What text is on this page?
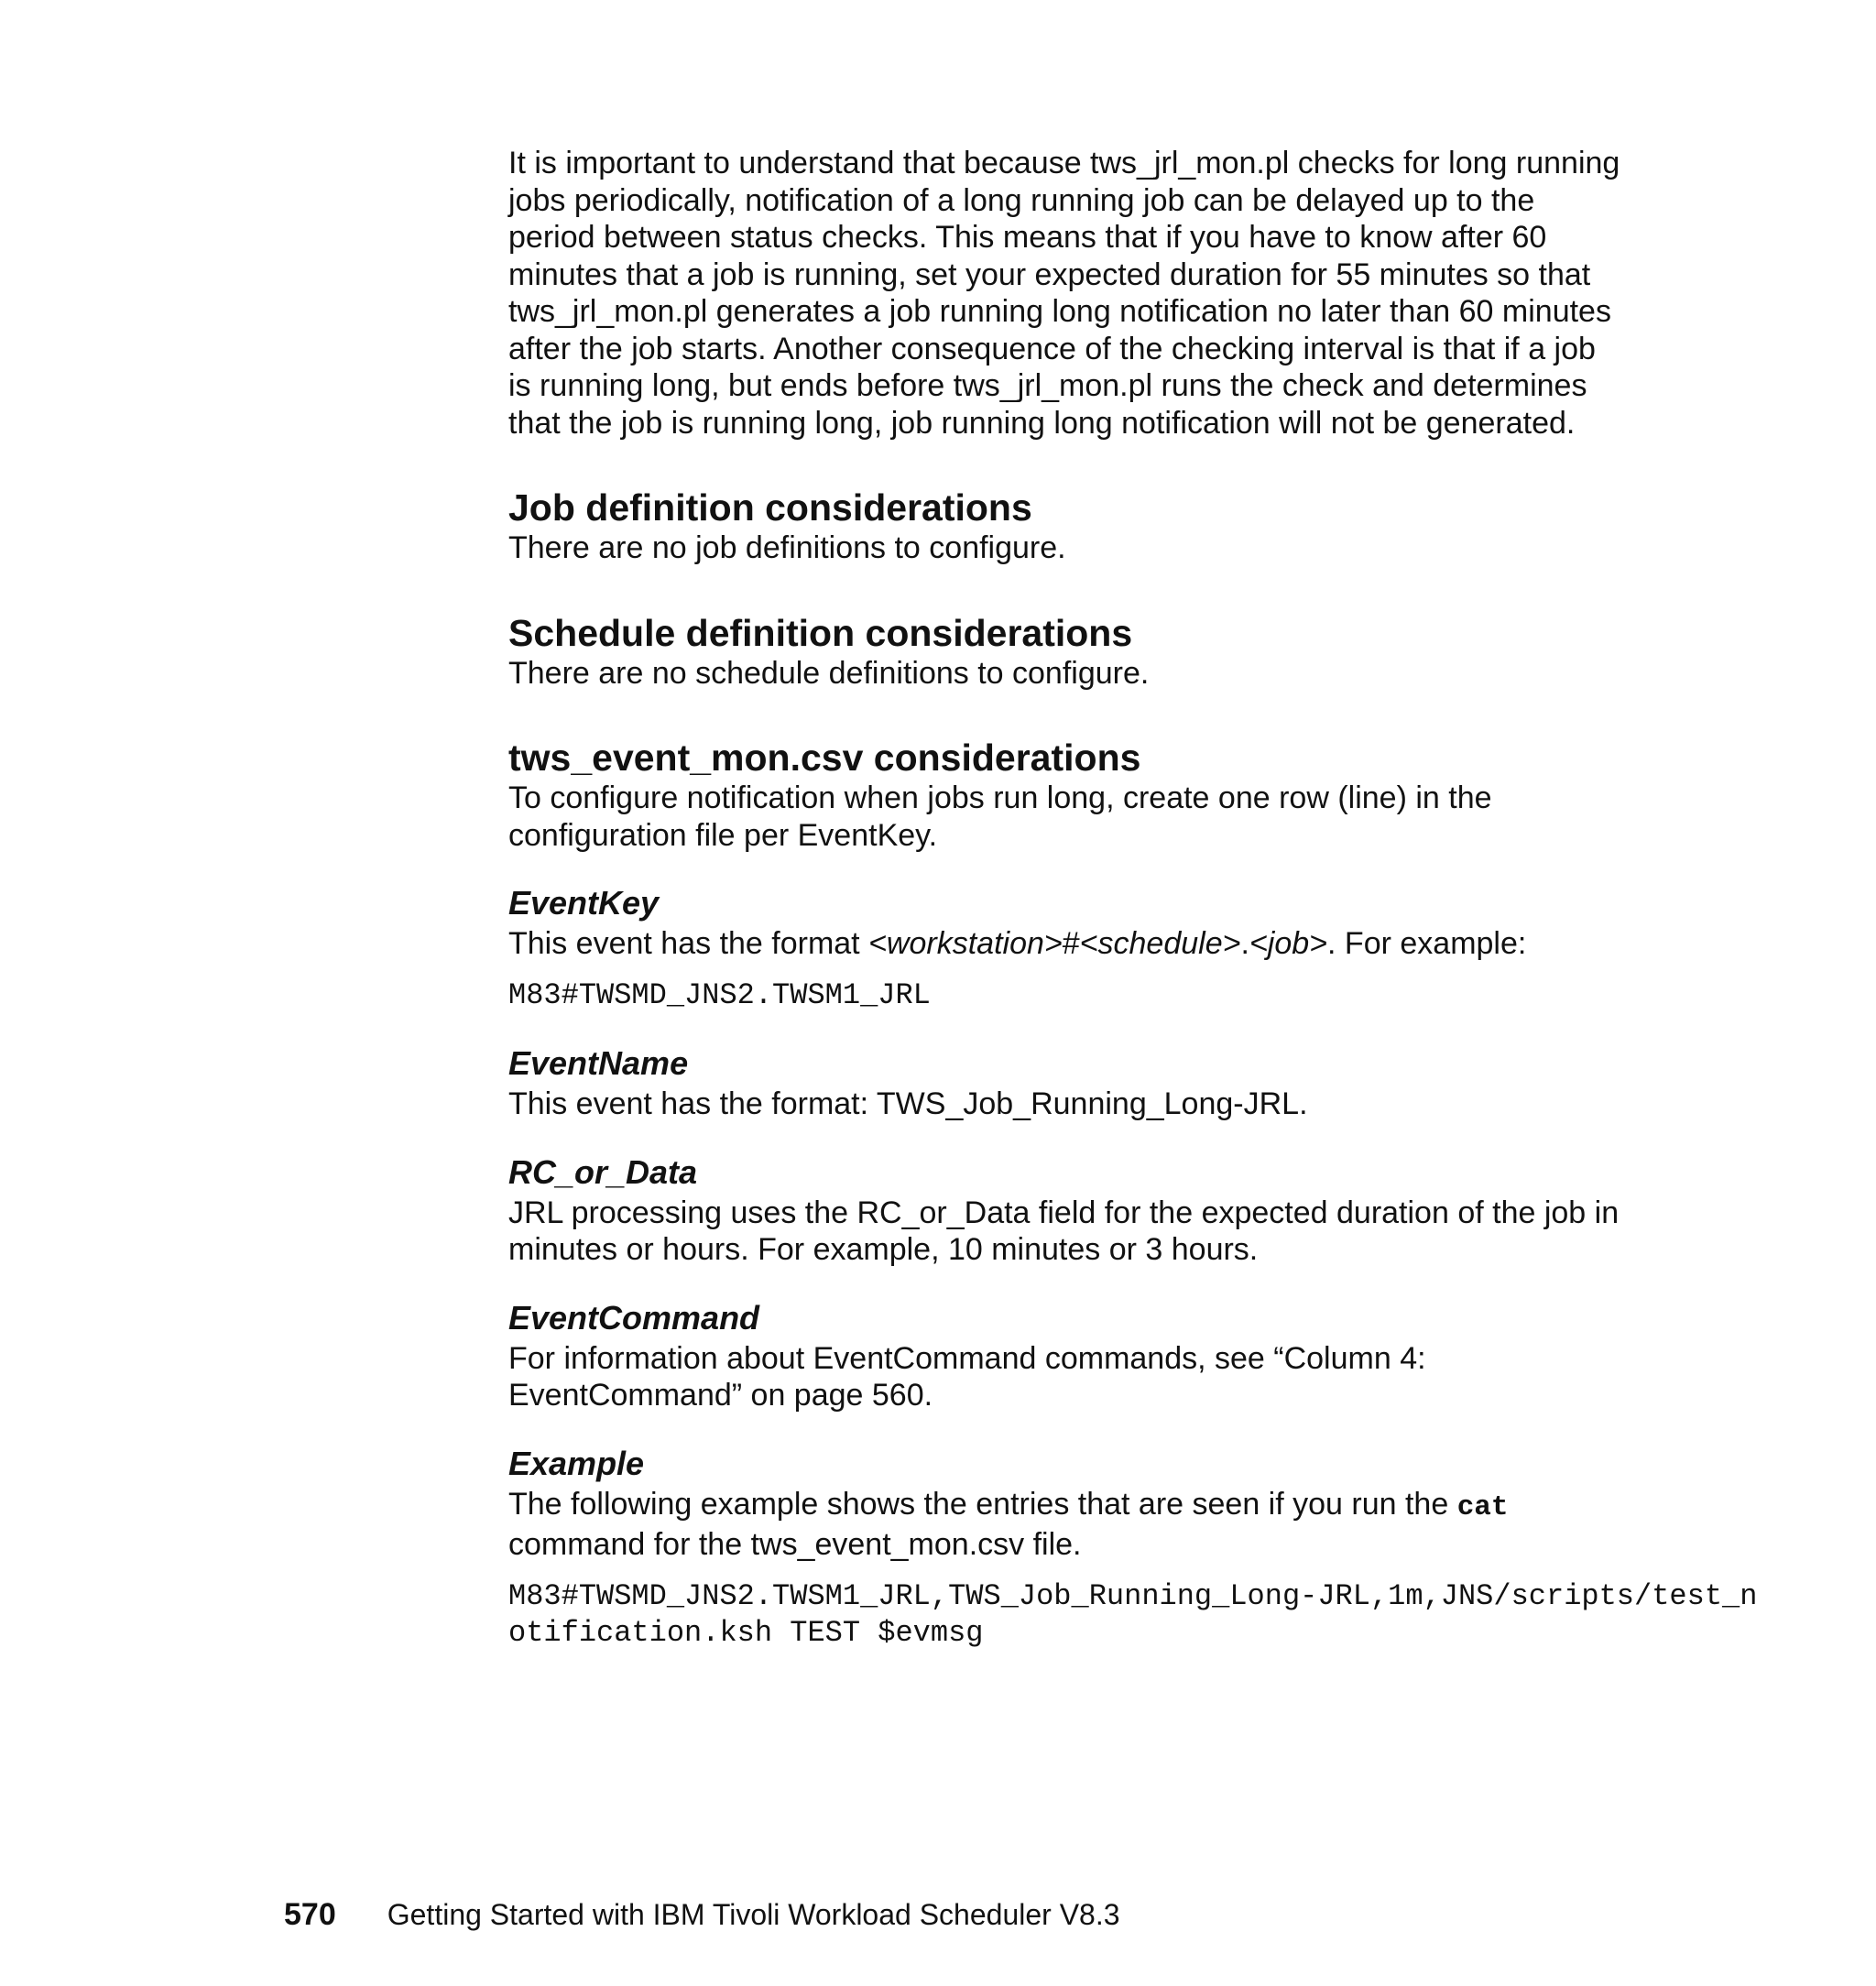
It is important to understand that because tws_jrl_mon.pl checks for long running jobs periodically, notification of a long running job can be delayed up to the period between status checks. This means that if you have to know after 60 minutes that a job is running, set your expected duration for 55 minutes so that tws_jrl_mon.pl generates a job running long notification no later than 60 minutes after the job starts. Another consequence of the checking interval is that if a job is running long, but ends before tws_jrl_mon.pl runs the check and determines that the job is running long, job running long notification will not be generated.

Job definition considerations

There are no job definitions to configure.

Schedule definition considerations

There are no schedule definitions to configure.

tws_event_mon.csv considerations

To configure notification when jobs run long, create one row (line) in the configuration file per EventKey.

EventKey

This event has the format <workstation>#<schedule>.<job>. For example:

M83#TWSMD_JNS2.TWSM1_JRL
EventName

This event has the format: TWS_Job_Running_Long-JRL.

RC_or_Data

JRL processing uses the RC_or_Data field for the expected duration of the job in minutes or hours. For example, 10 minutes or 3 hours.

EventCommand

For information about EventCommand commands, see “Column 4: EventCommand” on page 560.

Example

The following example shows the entries that are seen if you run the cat
command for the tws_event_mon.csv file.

M83#TWSMD_JNS2.TWSM1_JRL,TWS_Job_Running_Long-JRL,1m,JNS/scripts/test_n
otification.ksh TEST $evmsg
570 Getting Started with IBM Tivoli Workload Scheduler V8.3
